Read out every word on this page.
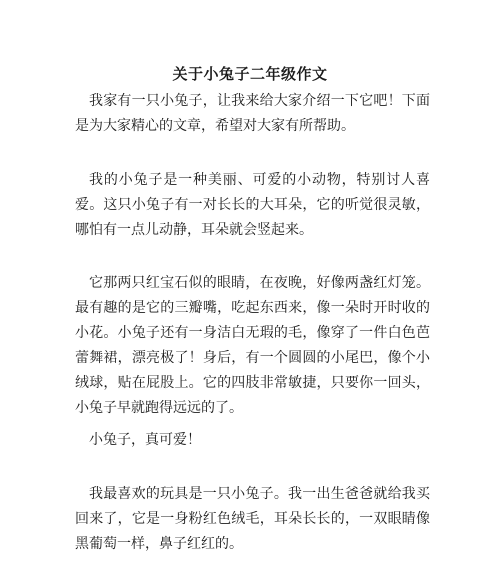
关于小兔子二年级作文

我家有一只小兔子，让我来给大家介绍一下它吧！下面是为大家精心的文章，希望对大家有所帮助。

我的小兔子是一种美丽、可爱的小动物，特别讨人喜爱。这只小兔子有一对长长的大耳朵，它的听觉很灵敏，哪怕有一点儿动静，耳朵就会竖起来。

它那两只红宝石似的眼睛，在夜晚，好像两盏红灯笼。最有趣的是它的三瓣嘴，吃起东西来，像一朵时开时收的小花。小兔子还有一身洁白无瑕的毛，像穿了一件白色芭蕾舞裙，漂亮极了！身后，有一个圆圆的小尾巴，像个小绒球，贴在屁股上。它的四肢非常敏捷，只要你一回头，小兔子早就跑得远远的了。

小兔子，真可爱！

我最喜欢的玩具是一只小兔子。我一出生爸爸就给我买回来了，它是一身粉红色绒毛，耳朵长长的，一双眼睛像黑葡萄一样，鼻子红红的。
